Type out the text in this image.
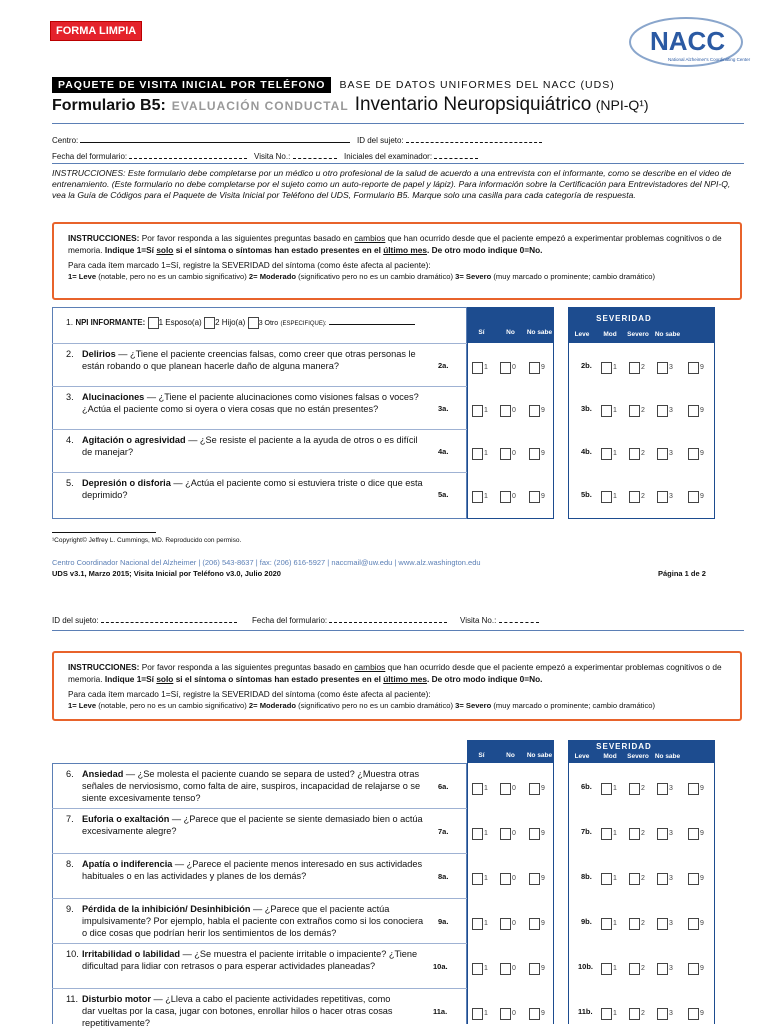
FORMA LIMPIA	NACC
National Alzheimer's Coordinating Center
PAQUETE DE VISITA INICIAL POR TELÉFONO	BASE DE DATOS UNIFORMES DEL NACC (UDS)
Formulario B5: EVALUACIÓN CONDUCTAL Inventario Neuropsiquiátrico (NPI-Q¹)
Centro:	ID del sujeto:
Fecha del formulario:	Visita No.:	Iniciales del examinador:
INSTRUCCIONES: Este formulario debe completarse por un médico u otro profesional de la salud de acuerdo a una entrevista con el informante, como se describe en el video de entrenamiento. (Este formulario no debe completarse por el sujeto como un auto-reporte de papel y lápiz). Para información sobre la Certificación para Entrevistadores del NPI-Q, vea la Guía de Códigos para el Paquete de Visita Inicial por Teléfono del UDS, Formulario B5. Marque solo una casilla para cada categoría de respuesta.

INSTRUCCIONES: Por favor responda a las siguientes preguntas basado en cambios que han ocurrido desde que el paciente empezó a experimentar problemas cognitivos o de memoria. Indique 1=Sí solo si el síntoma o síntomas han estado presentes en el último mes. De otro modo indique 0=No.

Para cada ítem marcado 1=Sí, registre la SEVERIDAD del síntoma (como éste afecta al paciente):

1= Leve (notable, pero no es un cambio significativo) 2= Moderado (significativo pero no es un cambio dramático) 3= Severo (muy marcado o prominente; cambio dramático)

Sí	No	No sabe
SEVERIDAD
Leve	Mod	Severo No sabe
1. NPI INFORMANTE: 1 Esposo(a) 2 Hijo(a) 3 Otro (ESPECIFIQUE):
2. Delirios — ¿Tiene el paciente creencias falsas, como creer que otras personas le
están robando o que planean hacerle daño de alguna manera?	2a.	1	0	9	2b.	1	2	3	9
3. Alucinaciones — ¿Tiene el paciente alucinaciones como visiones falsas o voces?
¿Actúa el paciente como si oyera o viera cosas que no están presentes?	3a.	1	0	9	3b.	1	2	3	9
4. Agitación o agresividad — ¿Se resiste el paciente a la ayuda de otros o es difícil
de manejar?	4a.	1	0	9	4b.	1	2	3	9
5. Depresión o disforia — ¿Actúa el paciente como si estuviera triste o dice que esta
deprimido?	5a.	1	0	9	5b.	1	2	3	9
¹Copyright© Jeffrey L. Cummings, MD. Reproducido con permiso.
Centro Coordinador Nacional del Alzheimer | (206) 543-8637 | fax: (206) 616-5927 | naccmail@uw.edu | www.alz.washington.edu
UDS v3.1, Marzo 2015; Visita Inicial por Teléfono v3.0, Julio 2020	Página 1 de 2
ID del sujeto:	Fecha del formulario:	Visita No.:

INSTRUCCIONES: Por favor responda a las siguientes preguntas basado en cambios que han ocurrido desde que el paciente empezó a experimentar problemas cognitivos o de memoria. Indique 1=Sí solo si el síntoma o síntomas han estado presentes en el último mes. De otro modo indique 0=No.

Para cada ítem marcado 1=Sí, registre la SEVERIDAD del síntoma (como éste afecta al paciente):

1= Leve (notable, pero no es un cambio significativo) 2= Moderado (significativo pero no es un cambio dramático) 3= Severo (muy marcado o prominente; cambio dramático)

Sí	No	No sabe
SEVERIDAD
Leve	Mod	Severo No sabe
6. Ansiedad — ¿Se molesta el paciente cuando se separa de usted? ¿Muestra otras
señales de nerviosismo, como falta de aire, suspiros, incapacidad de relajarse o se
siente excesivamente tenso?
6a.	1	0	9	6b.	1	2	3	9
7. Euforia o exaltación — ¿Parece que el paciente se siente demasiado bien o actúa
excesivamente alegre?	7a.	1	0	9	7b.	1	2	3	9
8. Apatía o indiferencia — ¿Parece el paciente menos interesado en sus actividades
habituales o en las actividades y planes de los demás?	8a.	1	0	9	8b.	1	2	3	9
9. Pérdida de la inhibición/ Desinhibición — ¿Parece que el paciente actúa
impulsivamente? Por ejemplo, habla el paciente con extraños como si los conociera
o dice cosas que podrían herir los sentimientos de los demás?
9a.	1	0	9	9b.	1	2	3	9
10. Irritabilidad o labilidad — ¿Se muestra el paciente irritable o impaciente? ¿Tiene
dificultad para lidiar con retrasos o para esperar actividades planeadas?	10a.	1	0	9	10b.	1	2	3	9
11. Disturbio motor — ¿Lleva a cabo el paciente actividades repetitivas, como
dar vueltas por la casa, jugar con botones, enrollar hilos o hacer otras cosas
repetitivamente?
11a.	1	0	9	11b.	1	2	3	9
